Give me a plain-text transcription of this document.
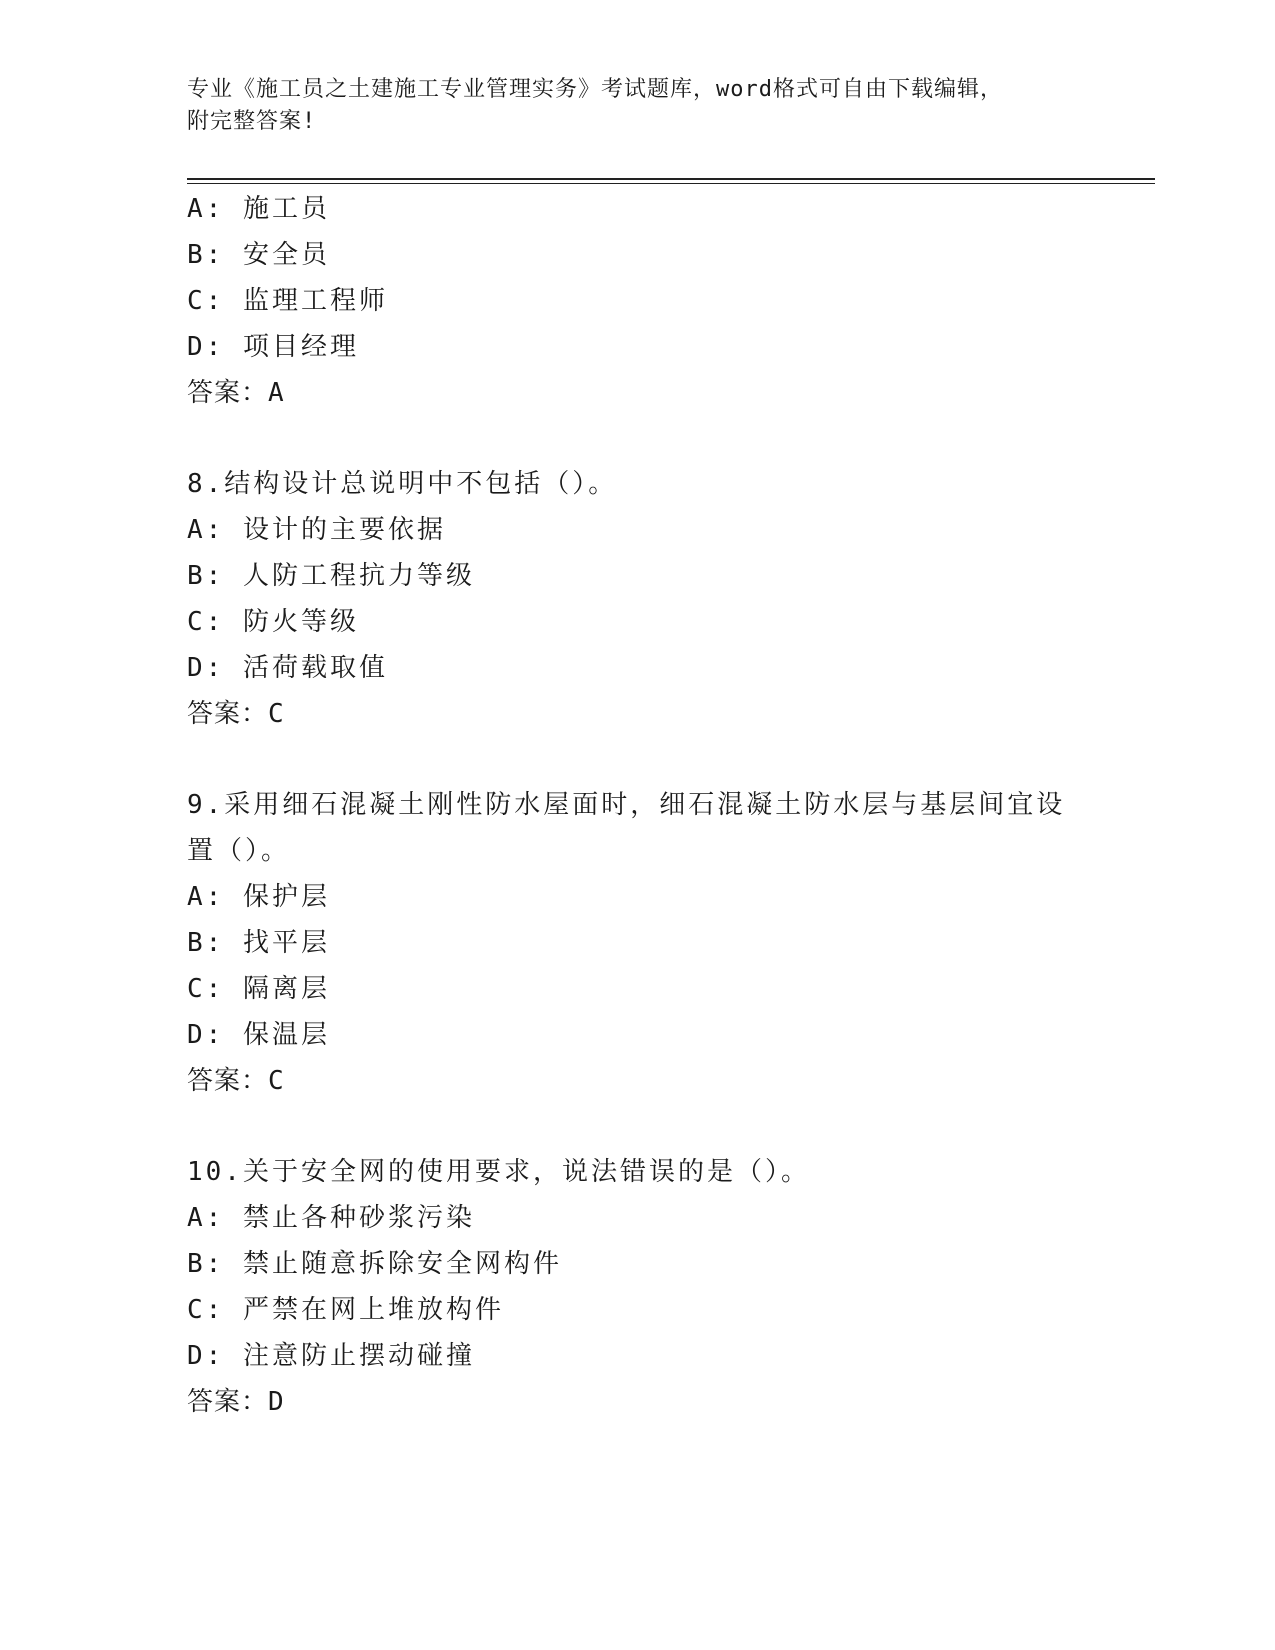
专业《施工员之土建施工专业管理实务》考试题库，word格式可自由下载编辑，
附完整答案!
A: 施工员
B: 安全员
C: 监理工程师
D: 项目经理
答案：A
8.结构设计总说明中不包括（）。
A: 设计的主要依据
B: 人防工程抗力等级
C: 防火等级
D: 活荷载取值
答案：C
9.采用细石混凝土刚性防水屋面时，细石混凝土防水层与基层间宜设
置（）。
A: 保护层
B: 找平层
C: 隔离层
D: 保温层
答案：C
10.关于安全网的使用要求，说法错误的是（）。
A: 禁止各种砂浆污染
B: 禁止随意拆除安全网构件
C: 严禁在网上堆放构件
D: 注意防止摆动碰撞
答案：D
